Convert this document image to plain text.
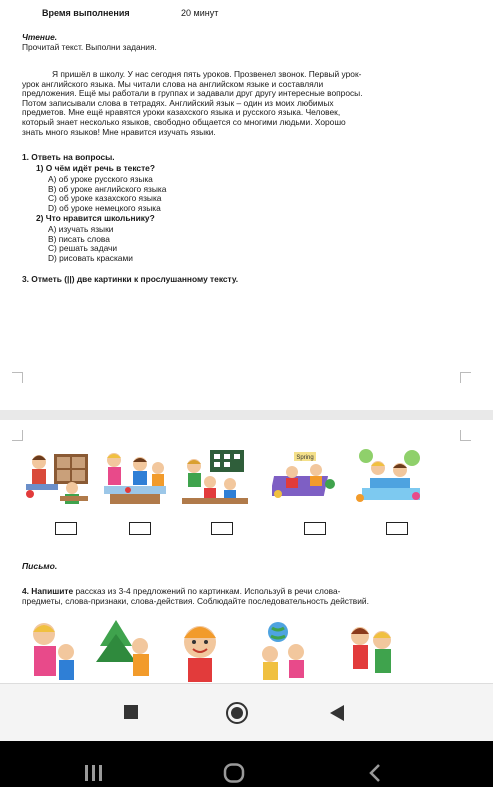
Время выполнения	20 минут
Чтение.
Прочитай текст. Выполни задания.
Я пришёл в школу. У нас сегодня пять уроков. Прозвенел звонок. Первый урок-
урок английского языка. Мы читали слова на английском языке и составляли
предложения. Ещё мы работали в группах и задавали друг другу интересные вопросы.
Потом записывали слова в тетрадях. Английский язык – один из моих любимых
предметов. Мне ещё нравятся уроки казахского языка и русского языка. Человек,
который знает несколько языков, свободно общается со многими людьми. Хорошо
знать много языков! Мне нравится изучать языки.
1. Ответь на вопросы.
1) О чём идёт речь в тексте?
А) об уроке русского языка
В) об уроке английского языка
С) об уроке казахского языка
D) об уроке немецкого языка
2) Что нравится школьнику?
А) изучать языки
В) писать слова
С) решать задачи
D) рисовать красками
3. Отметь (||) две картинки к прослушанному тексту.
Spring
Письмо.
4. Напишите рассказ из 3-4 предложений по картинкам. Используй в речи слова-
предметы, слова-признаки, слова-действия. Соблюдайте последовательность действий.
